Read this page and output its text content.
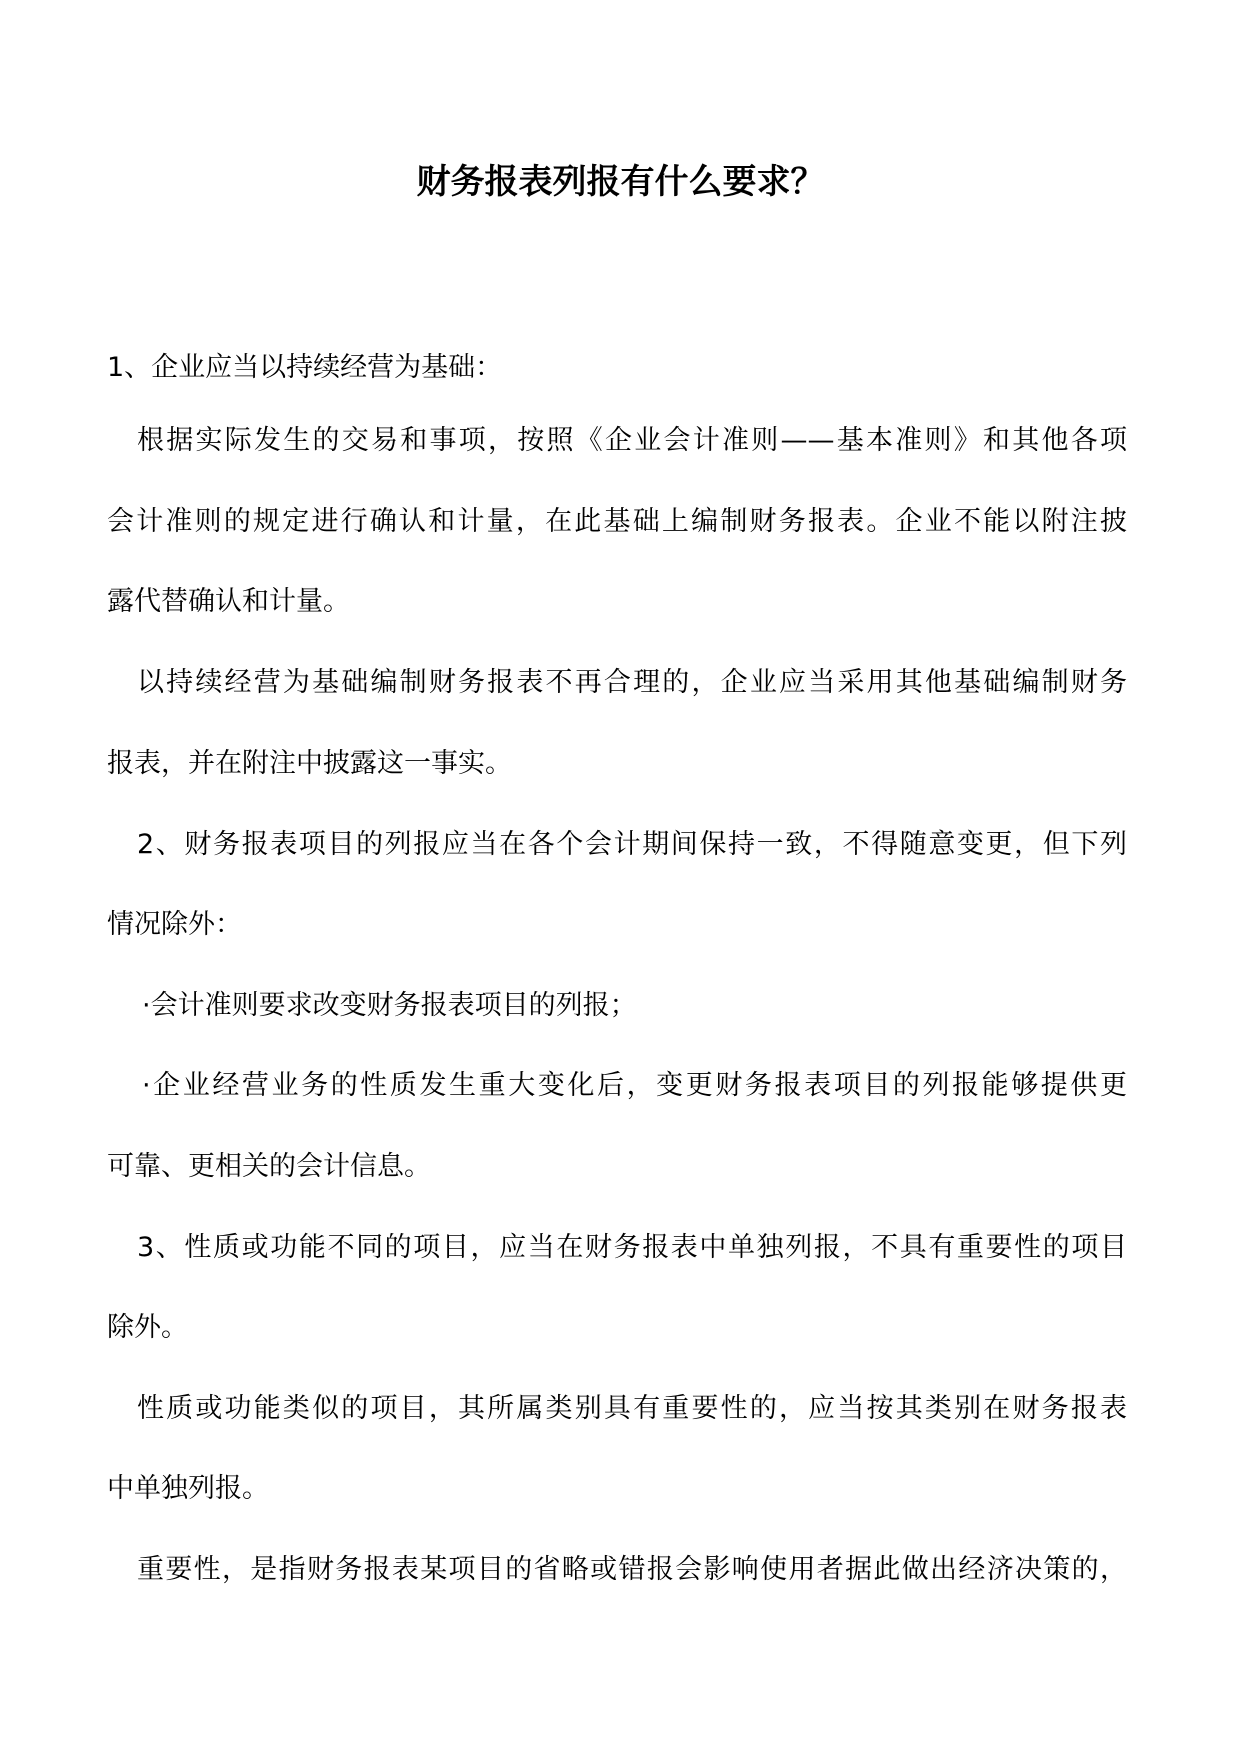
财务报表列报有什么要求？
1、企业应当以持续经营为基础：
根据实际发生的交易和事项，按照《企业会计准则——基本准则》和其他各项
会计准则的规定进行确认和计量，在此基础上编制财务报表。企业不能以附注披
露代替确认和计量。
以持续经营为基础编制财务报表不再合理的，企业应当采用其他基础编制财务
报表，并在附注中披露这一事实。
2、财务报表项目的列报应当在各个会计期间保持一致，不得随意变更，但下列
情况除外：
·会计准则要求改变财务报表项目的列报；
·企业经营业务的性质发生重大变化后，变更财务报表项目的列报能够提供更
可靠、更相关的会计信息。
3、性质或功能不同的项目，应当在财务报表中单独列报，不具有重要性的项目
除外。
性质或功能类似的项目，其所属类别具有重要性的，应当按其类别在财务报表
中单独列报。
重要性，是指财务报表某项目的省略或错报会影响使用者据此做出经济决策的，
